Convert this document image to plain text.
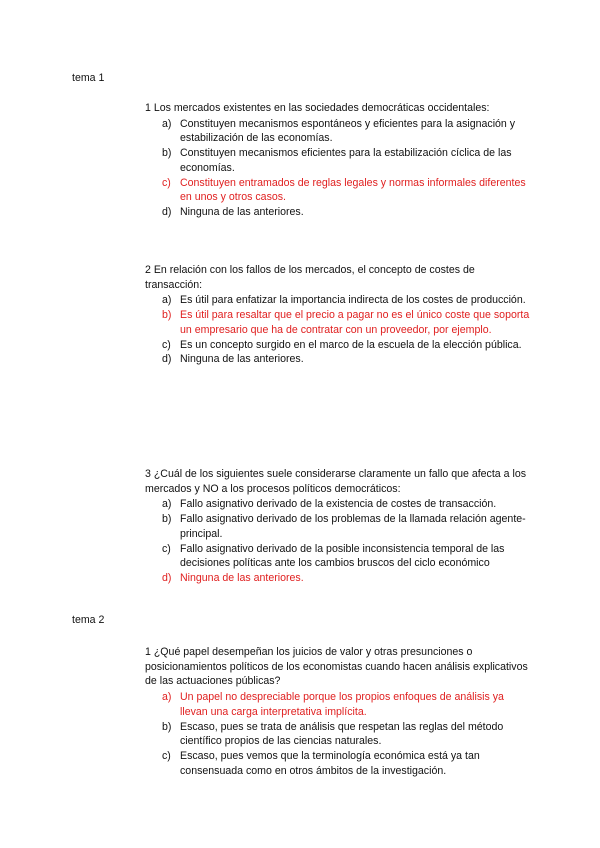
tema 1

1 Los mercados existentes en las sociedades democráticas occidentales:

a) Constituyen mecanismos espontáneos y eficientes para la asignación y estabilización de las economías.
b) Constituyen mecanismos eficientes para la estabilización cíclica de las economías.
c) Constituyen entramados de reglas legales y normas informales diferentes en unos y otros casos.
d) Ninguna de las anteriores.

2 En relación con los fallos de los mercados, el concepto de costes de transacción:

a) Es útil para enfatizar la importancia indirecta de los costes de producción.
b) Es útil para resaltar que el precio a pagar no es el único coste que soporta un empresario que ha de contratar con un proveedor, por ejemplo.
c) Es un concepto surgido en el marco de la escuela de la elección pública.
d) Ninguna de las anteriores.

3 ¿Cuál de los siguientes suele considerarse claramente un fallo que afecta a los mercados y NO a los procesos políticos democráticos:

a) Fallo asignativo derivado de la existencia de costes de transacción.
b) Fallo asignativo derivado de los problemas de la llamada relación agente-principal.
c) Fallo asignativo derivado de la posible inconsistencia temporal de las decisiones políticas ante los cambios bruscos del ciclo económico
d) Ninguna de las anteriores.
tema 2

1 ¿Qué papel desempeñan los juicios de valor y otras presunciones o posicionamientos políticos de los economistas cuando hacen análisis explicativos de las actuaciones públicas?

a) Un papel no despreciable porque los propios enfoques de análisis ya llevan una carga interpretativa implícita.
b) Escaso, pues se trata de análisis que respetan las reglas del método científico propios de las ciencias naturales.
c) Escaso, pues vemos que la terminología económica está ya tan consensuada como en otros ámbitos de la investigación.
